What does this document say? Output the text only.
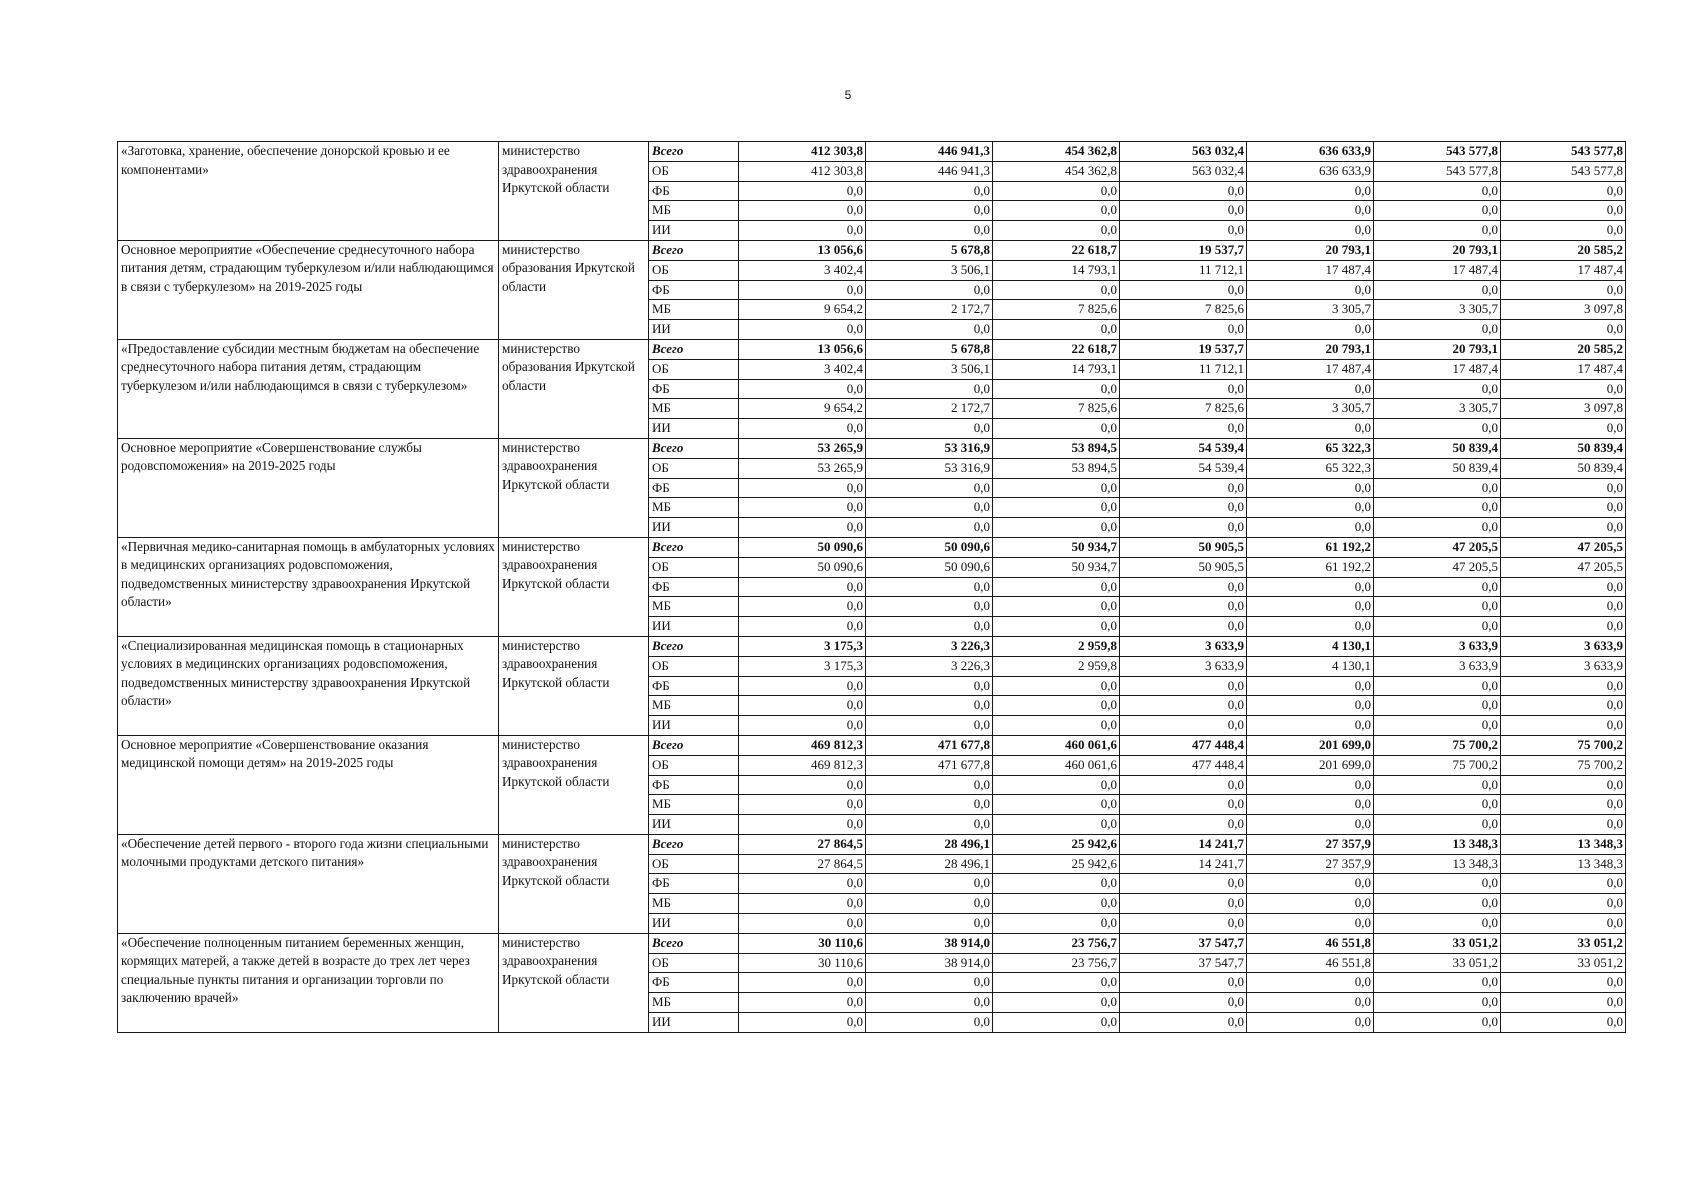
5
«Заготовка, хранение, обеспечение донорской кровью и ее компонентами»	министерство здравоохранения Иркутской области	Всего	412 303,8	446 941,3	454 362,8	563 032,4	636 633,9	543 577,8	543 577,8
		ОБ	412 303,8	446 941,3	454 362,8	563 032,4	636 633,9	543 577,8	543 577,8
		ФБ	0,0	0,0	0,0	0,0	0,0	0,0	0,0
		МБ	0,0	0,0	0,0	0,0	0,0	0,0	0,0
		ИИ	0,0	0,0	0,0	0,0	0,0	0,0	0,0
Основное мероприятие «Обеспечение среднесуточного набора питания детям, страдающим туберкулезом и/или наблюдающимся в связи с туберкулезом» на 2019-2025 годы	министерство образования Иркутской области	Всего	13 056,6	5 678,8	22 618,7	19 537,7	20 793,1	20 793,1	20 585,2
		ОБ	3 402,4	3 506,1	14 793,1	11 712,1	17 487,4	17 487,4	17 487,4
		ФБ	0,0	0,0	0,0	0,0	0,0	0,0	0,0
		МБ	9 654,2	2 172,7	7 825,6	7 825,6	3 305,7	3 305,7	3 097,8
		ИИ	0,0	0,0	0,0	0,0	0,0	0,0	0,0
«Предоставление субсидии местным бюджетам на обеспечение среднесуточного набора питания детям, страдающим туберкулезом и/или наблюдающимся в связи с туберкулезом»	министерство образования Иркутской области	Всего	13 056,6	5 678,8	22 618,7	19 537,7	20 793,1	20 793,1	20 585,2
		ОБ	3 402,4	3 506,1	14 793,1	11 712,1	17 487,4	17 487,4	17 487,4
		ФБ	0,0	0,0	0,0	0,0	0,0	0,0	0,0
		МБ	9 654,2	2 172,7	7 825,6	7 825,6	3 305,7	3 305,7	3 097,8
		ИИ	0,0	0,0	0,0	0,0	0,0	0,0	0,0
Основное мероприятие «Совершенствование службы родовспоможения» на 2019-2025 годы	министерство здравоохранения Иркутской области	Всего	53 265,9	53 316,9	53 894,5	54 539,4	65 322,3	50 839,4	50 839,4
		ОБ	53 265,9	53 316,9	53 894,5	54 539,4	65 322,3	50 839,4	50 839,4
		ФБ	0,0	0,0	0,0	0,0	0,0	0,0	0,0
		МБ	0,0	0,0	0,0	0,0	0,0	0,0	0,0
		ИИ	0,0	0,0	0,0	0,0	0,0	0,0	0,0
«Первичная медико-санитарная помощь в амбулаторных условиях в медицинских организациях родовспоможения, подведомственных министерству здравоохранения Иркутской области»	министерство здравоохранения Иркутской области	Всего	50 090,6	50 090,6	50 934,7	50 905,5	61 192,2	47 205,5	47 205,5
		ОБ	50 090,6	50 090,6	50 934,7	50 905,5	61 192,2	47 205,5	47 205,5
		ФБ	0,0	0,0	0,0	0,0	0,0	0,0	0,0
		МБ	0,0	0,0	0,0	0,0	0,0	0,0	0,0
		ИИ	0,0	0,0	0,0	0,0	0,0	0,0	0,0
«Специализированная медицинская помощь в стационарных условиях в медицинских организациях родовспоможения, подведомственных министерству здравоохранения Иркутской области»	министерство здравоохранения Иркутской области	Всего	3 175,3	3 226,3	2 959,8	3 633,9	4 130,1	3 633,9	3 633,9
		ОБ	3 175,3	3 226,3	2 959,8	3 633,9	4 130,1	3 633,9	3 633,9
		ФБ	0,0	0,0	0,0	0,0	0,0	0,0	0,0
		МБ	0,0	0,0	0,0	0,0	0,0	0,0	0,0
		ИИ	0,0	0,0	0,0	0,0	0,0	0,0	0,0
Основное мероприятие «Совершенствование оказания медицинской помощи детям» на 2019-2025 годы	министерство здравоохранения Иркутской области	Всего	469 812,3	471 677,8	460 061,6	477 448,4	201 699,0	75 700,2	75 700,2
		ОБ	469 812,3	471 677,8	460 061,6	477 448,4	201 699,0	75 700,2	75 700,2
		ФБ	0,0	0,0	0,0	0,0	0,0	0,0	0,0
		МБ	0,0	0,0	0,0	0,0	0,0	0,0	0,0
		ИИ	0,0	0,0	0,0	0,0	0,0	0,0	0,0
«Обеспечение детей первого - второго года жизни специальными молочными продуктами детского питания»	министерство здравоохранения Иркутской области	Всего	27 864,5	28 496,1	25 942,6	14 241,7	27 357,9	13 348,3	13 348,3
		ОБ	27 864,5	28 496,1	25 942,6	14 241,7	27 357,9	13 348,3	13 348,3
		ФБ	0,0	0,0	0,0	0,0	0,0	0,0	0,0
		МБ	0,0	0,0	0,0	0,0	0,0	0,0	0,0
		ИИ	0,0	0,0	0,0	0,0	0,0	0,0	0,0
«Обеспечение полноценным питанием беременных женщин, кормящих матерей, а также детей в возрасте до трех лет через специальные пункты питания и организации торговли по заключению врачей»	министерство здравоохранения Иркутской области	Всего	30 110,6	38 914,0	23 756,7	37 547,7	46 551,8	33 051,2	33 051,2
		ОБ	30 110,6	38 914,0	23 756,7	37 547,7	46 551,8	33 051,2	33 051,2
		ФБ	0,0	0,0	0,0	0,0	0,0	0,0	0,0
		МБ	0,0	0,0	0,0	0,0	0,0	0,0	0,0
		ИИ	0,0	0,0	0,0	0,0	0,0	0,0	0,0
